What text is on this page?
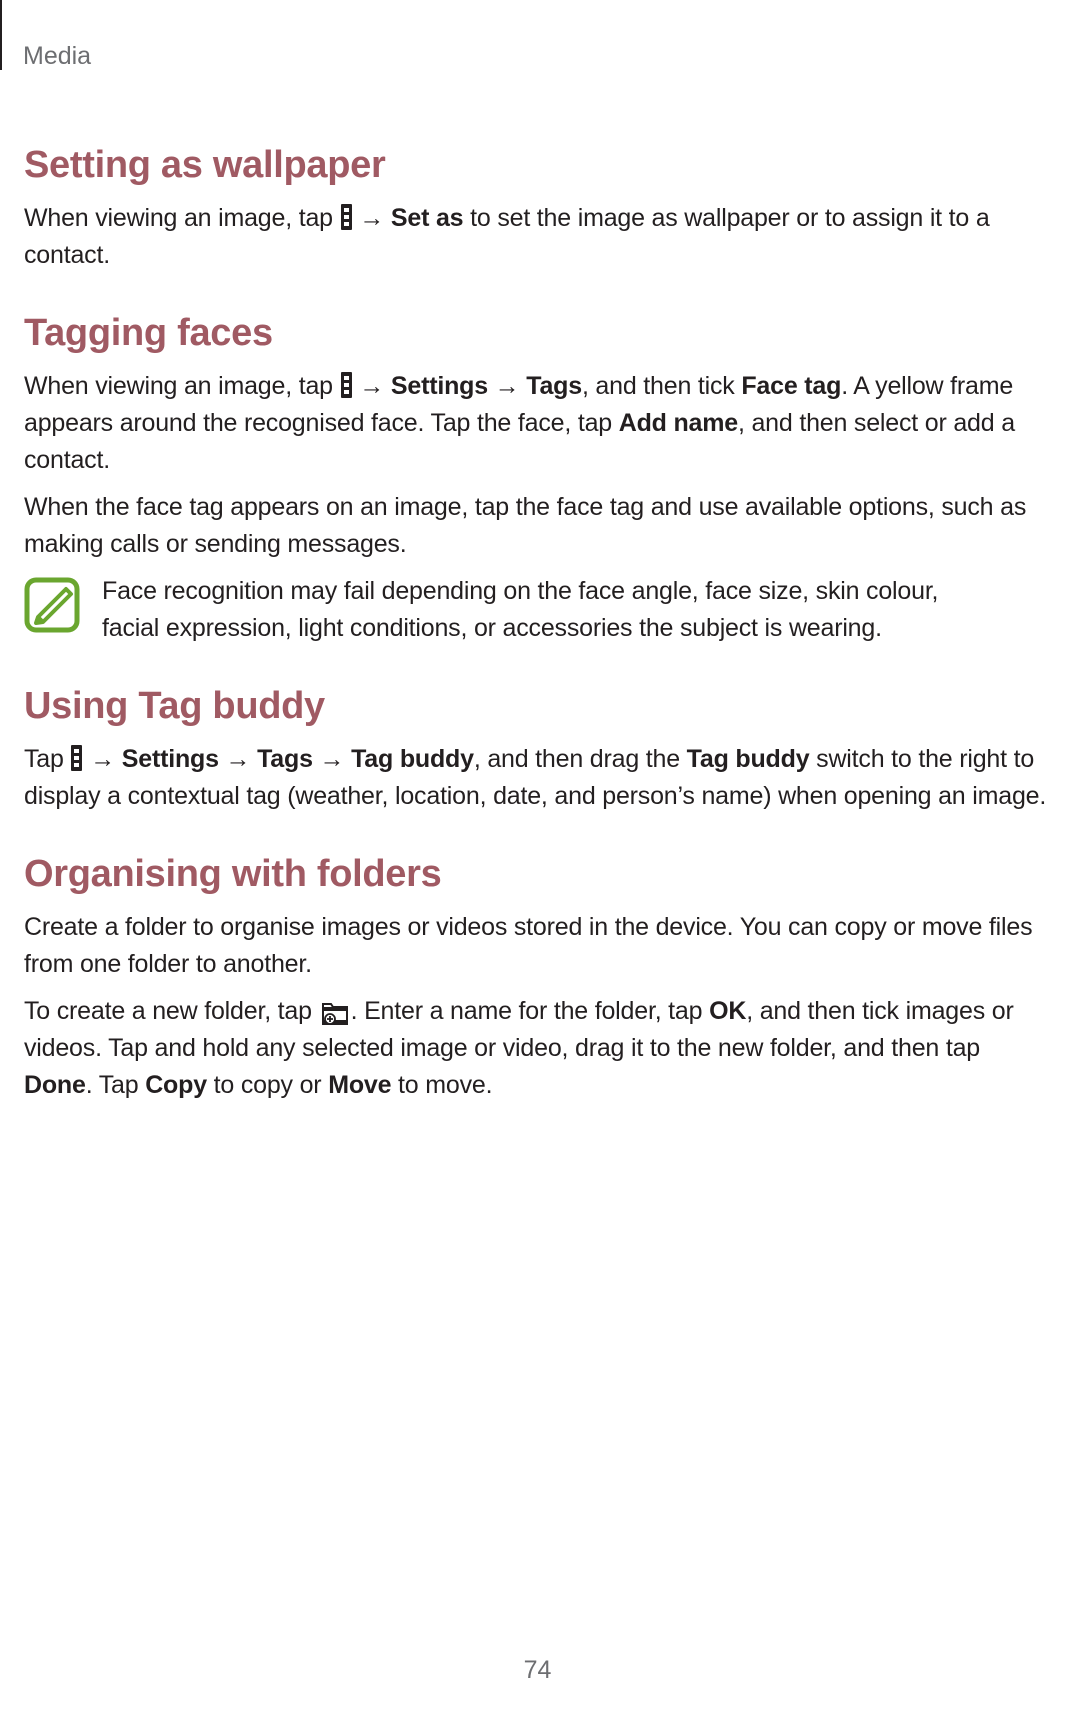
Media
Setting as wallpaper

When viewing an image, tap  → Set as to set the image as wallpaper or to assign it to a contact.

Tagging faces

When viewing an image, tap  → Settings → Tags, and then tick Face tag. A yellow frame appears around the recognised face. Tap the face, tap Add name, and then select or add a contact.

When the face tag appears on an image, tap the face tag and use available options, such as making calls or sending messages.

Face recognition may fail depending on the face angle, face size, skin colour, facial expression, light conditions, or accessories the subject is wearing.

Using Tag buddy

Tap  → Settings → Tags → Tag buddy, and then drag the Tag buddy switch to the right to display a contextual tag (weather, location, date, and person’s name) when opening an image.

Organising with folders

Create a folder to organise images or videos stored in the device. You can copy or move files from one folder to another.

To create a new folder, tap . Enter a name for the folder, tap OK, and then tick images or videos. Tap and hold any selected image or video, drag it to the new folder, and then tap Done. Tap Copy to copy or Move to move.

74
